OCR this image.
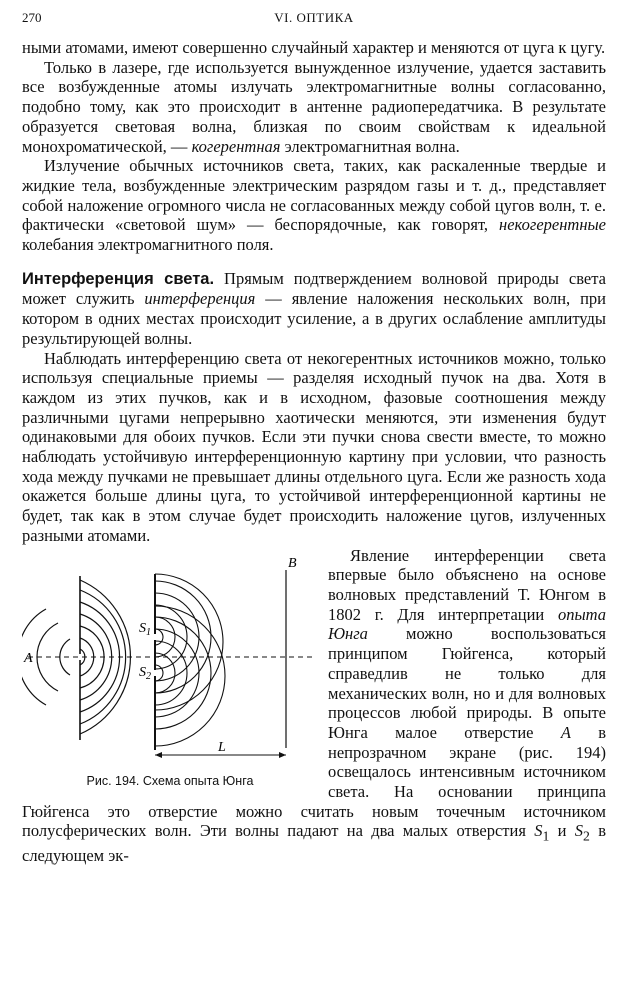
270	VI. ОПТИКА

ными атомами, имеют совершенно случайный характер и меняются от цуга к цугу.

Только в лазере, где используется вынужденное излучение, удается заставить все возбужденные атомы излучать электромагнитные волны согласованно, подобно тому, как это происходит в антенне радиопередатчика. В результате образуется световая волна, близкая по своим свойствам к идеальной монохроматической, — когерентная электромагнитная волна.

Излучение обычных источников света, таких, как раскаленные твердые и жидкие тела, возбужденные электрическим разрядом газы и т. д., представляет собой наложение огромного числа не согласованных между собой цугов волн, т. е. фактически «световой шум» — беспорядочные, как говорят, некогерентные колебания электромагнитного поля.

Интерференция света. Прямым подтверждением волновой природы света может служить интерференция — явление наложения нескольких волн, при котором в одних местах происходит усиление, а в других ослабление амплитуды результирующей волны.

Наблюдать интерференцию света от некогерентных источников можно, только используя специальные приемы — разделяя исходный пучок на два. Хотя в каждом из этих пучков, как и в исходном, фазовые соотношения между различными цугами непрерывно хаотически меняются, эти изменения будут одинаковыми для обоих пучков. Если эти пучки снова свести вместе, то можно наблюдать устойчивую интерференционную картину при условии, что разность хода между пучками не превышает длины отдельного цуга. Если же разность хода окажется больше длины цуга, то устойчивой интерференционной картины не будет, так как в этом случае будет происходить наложение цугов, излученных разными атомами.

A
$S_1$
$S_2$
B
L
Рис. 194. Схема опыта Юнга

Явление интерференции света впервые было объяснено на основе волновых представлений Т. Юнгом в 1802 г. Для интерпретации опыта Юнга можно воспользоваться принципом Гюйгенса, который справедлив не только для механических волн, но и для волновых процессов любой природы. В опыте Юнга малое отверстие A в непрозрачном экране (рис. 194) освещалось интенсивным источником света. На основании принципа Гюйгенса это отверстие можно считать новым точечным источником полусферических волн. Эти волны падают на два малых отверстия $S_1$ и $S_2$ в следующем эк-
